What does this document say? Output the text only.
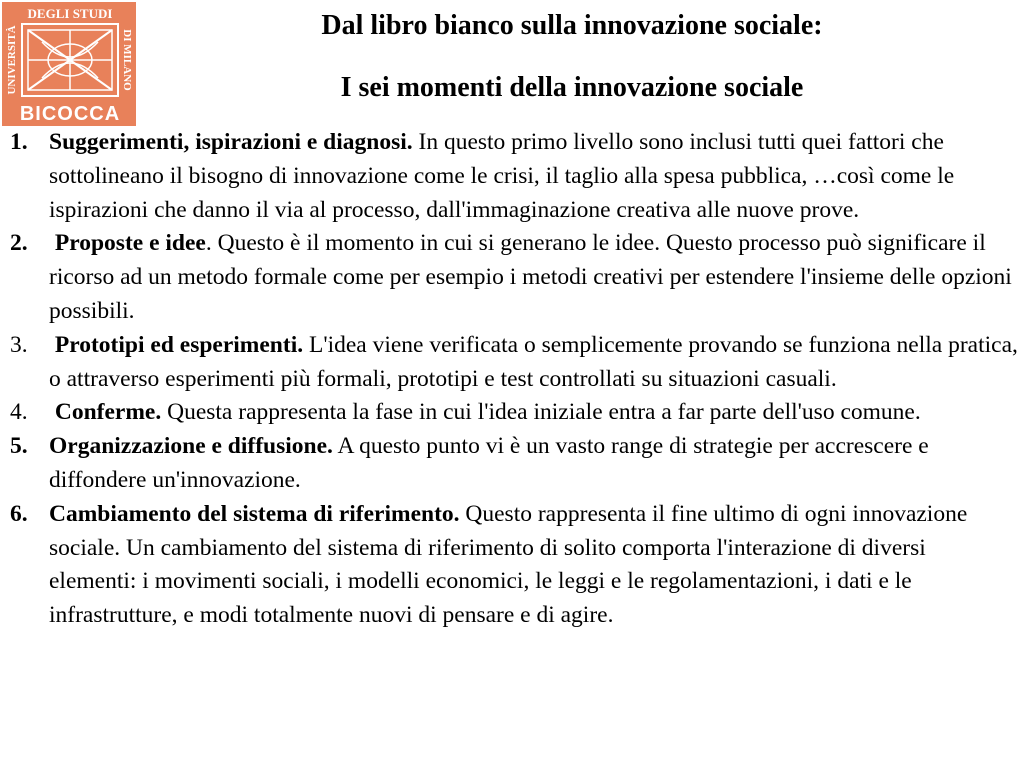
DEGLI STUDI
UNIVERSITÀ	DI MILANO
BICOCCA
Dal libro bianco sulla innovazione sociale:
I sei momenti della innovazione sociale
1. Suggerimenti, ispirazioni e diagnosi. In questo primo livello sono inclusi tutti quei fattori che sottolineano il bisogno di innovazione come le crisi, il taglio alla spesa pubblica, …così come le ispirazioni che danno il via al processo, dall'immaginazione creativa alle nuove prove.
2. Proposte e idee. Questo è il momento in cui si generano le idee. Questo processo può significare il ricorso ad un metodo formale come per esempio i metodi creativi per estendere l'insieme delle opzioni possibili.
3. Prototipi ed esperimenti. L'idea viene verificata o semplicemente provando se funziona nella pratica, o attraverso esperimenti più formali, prototipi e test controllati su situazioni casuali.
4. Conferme. Questa rappresenta la fase in cui l'idea iniziale entra a far parte dell'uso comune.
5. Organizzazione e diffusione. A questo punto vi è un vasto range di strategie per accrescere e diffondere un'innovazione.
6. Cambiamento del sistema di riferimento. Questo rappresenta il fine ultimo di ogni innovazione sociale. Un cambiamento del sistema di riferimento di solito comporta l'interazione di diversi elementi: i movimenti sociali, i modelli economici, le leggi e le regolamentazioni, i dati e le infrastrutture, e modi totalmente nuovi di pensare e di agire.
